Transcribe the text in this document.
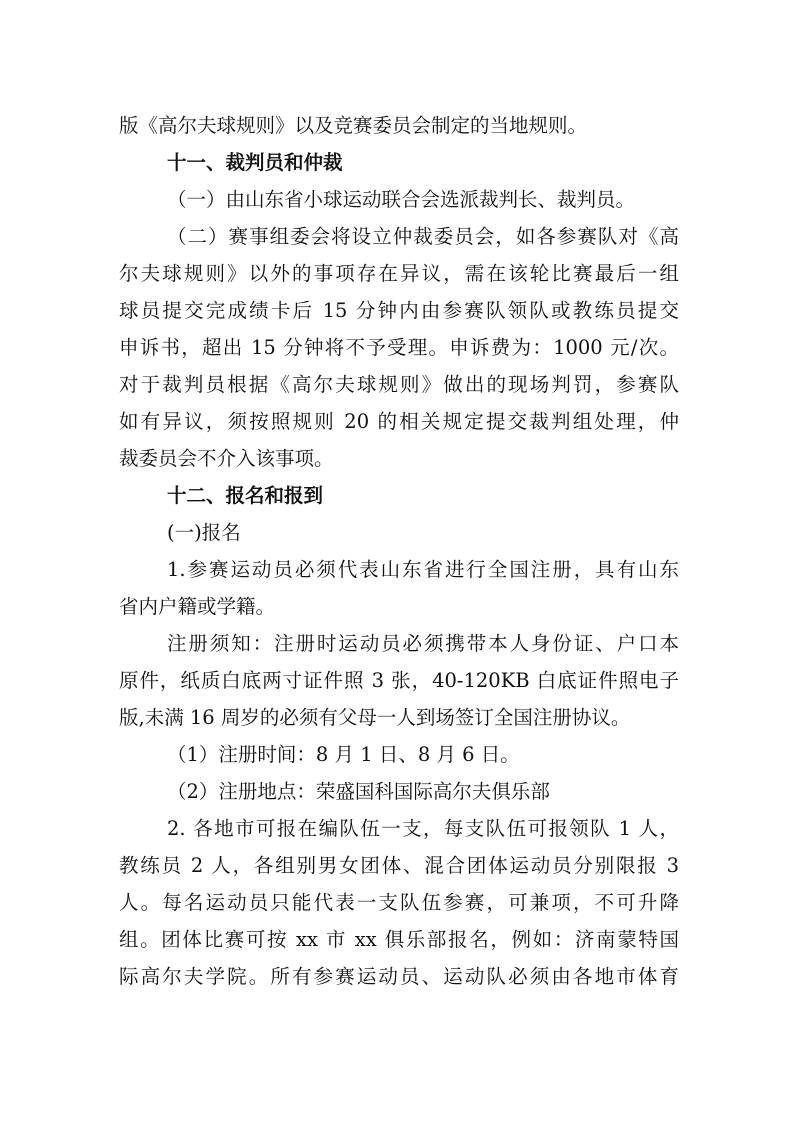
版《高尔夫球规则》以及竞赛委员会制定的当地规则。
十一、裁判员和仲裁
（一）由山东省小球运动联合会选派裁判长、裁判员。
（二）赛事组委会将设立仲裁委员会，如各参赛队对《高
尔夫球规则》以外的事项存在异议，需在该轮比赛最后一组
球员提交完成绩卡后 15 分钟内由参赛队领队或教练员提交
申诉书，超出 15 分钟将不予受理。申诉费为：1000 元/次。
对于裁判员根据《高尔夫球规则》做出的现场判罚，参赛队
如有异议，须按照规则 20 的相关规定提交裁判组处理，仲
裁委员会不介入该事项。
十二、报名和报到
(一)报名
1.参赛运动员必须代表山东省进行全国注册，具有山东
省内户籍或学籍。
注册须知：注册时运动员必须携带本人身份证、户口本
原件，纸质白底两寸证件照 3 张，40-120KB 白底证件照电子
版,未满 16 周岁的必须有父母一人到场签订全国注册协议。
（1）注册时间：8 月 1 日、8 月 6 日。
（2）注册地点：荣盛国科国际高尔夫俱乐部
2. 各地市可报在编队伍一支，每支队伍可报领队 1 人，
教练员 2 人，各组别男女团体、混合团体运动员分别限报 3
人。每名运动员只能代表一支队伍参赛，可兼项，不可升降
组。团体比赛可按 xx 市 xx 俱乐部报名，例如：济南蒙特国
际高尔夫学院。所有参赛运动员、运动队必须由各地市体育
